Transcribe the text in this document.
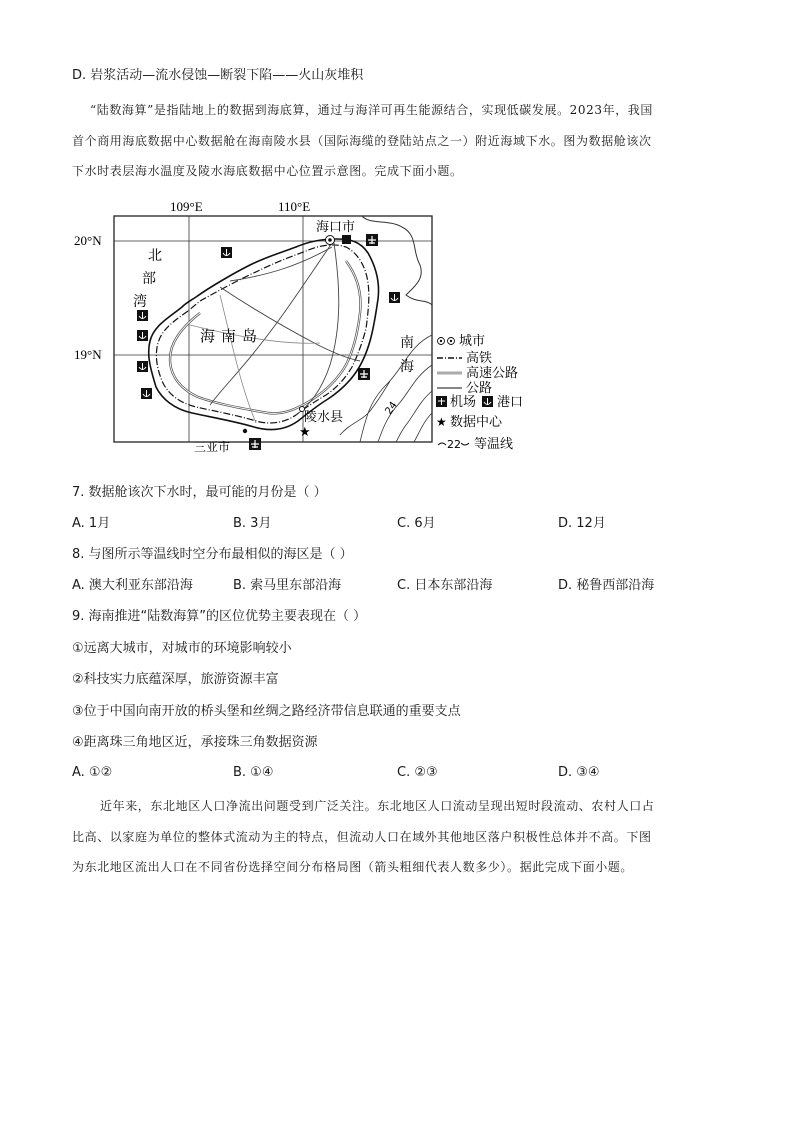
D. 岩浆活动—流水侵蚀—断裂下陷——火山灰堆积
“陆数海算”是指陆地上的数据到海底算，通过与海洋可再生能源结合，实现低碳发展。2023年，我国
首个商用海底数据中心数据舱在海南陵水县（国际海缆的登陆站点之一）附近海域下水。图为数据舱该次
下水时表层海水温度及陵水海底数据中心位置示意图。完成下面小题。
109°E	110°E
20°N
19°N
24
海口市
三亚市
陵水县
★
北
部
湾
海南岛	南
海
城市
高铁
高速公路
公路
机场 港口
★ 数据中心
22 等温线
7. 数据舱该次下水时，最可能的月份是（ ）
A. 1月	B. 3月	C. 6月	D. 12月
8. 与图所示等温线时空分布最相似的海区是（ ）
A. 澳大利亚东部沿海	B. 索马里东部沿海	C. 日本东部沿海	D. 秘鲁西部沿海
9. 海南推进“陆数海算”的区位优势主要表现在（ ）
①远离大城市，对城市的环境影响较小
②科技实力底蕴深厚，旅游资源丰富
③位于中国向南开放的桥头堡和丝绸之路经济带信息联通的重要支点
④距离珠三角地区近，承接珠三角数据资源
A. ①②	B. ①④	C. ②③	D. ③④
近年来，东北地区人口净流出问题受到广泛关注。东北地区人口流动呈现出短时段流动、农村人口占
比高、以家庭为单位的整体式流动为主的特点，但流动人口在域外其他地区落户积极性总体并不高。下图
为东北地区流出人口在不同省份选择空间分布格局图（箭头粗细代表人数多少）。据此完成下面小题。
